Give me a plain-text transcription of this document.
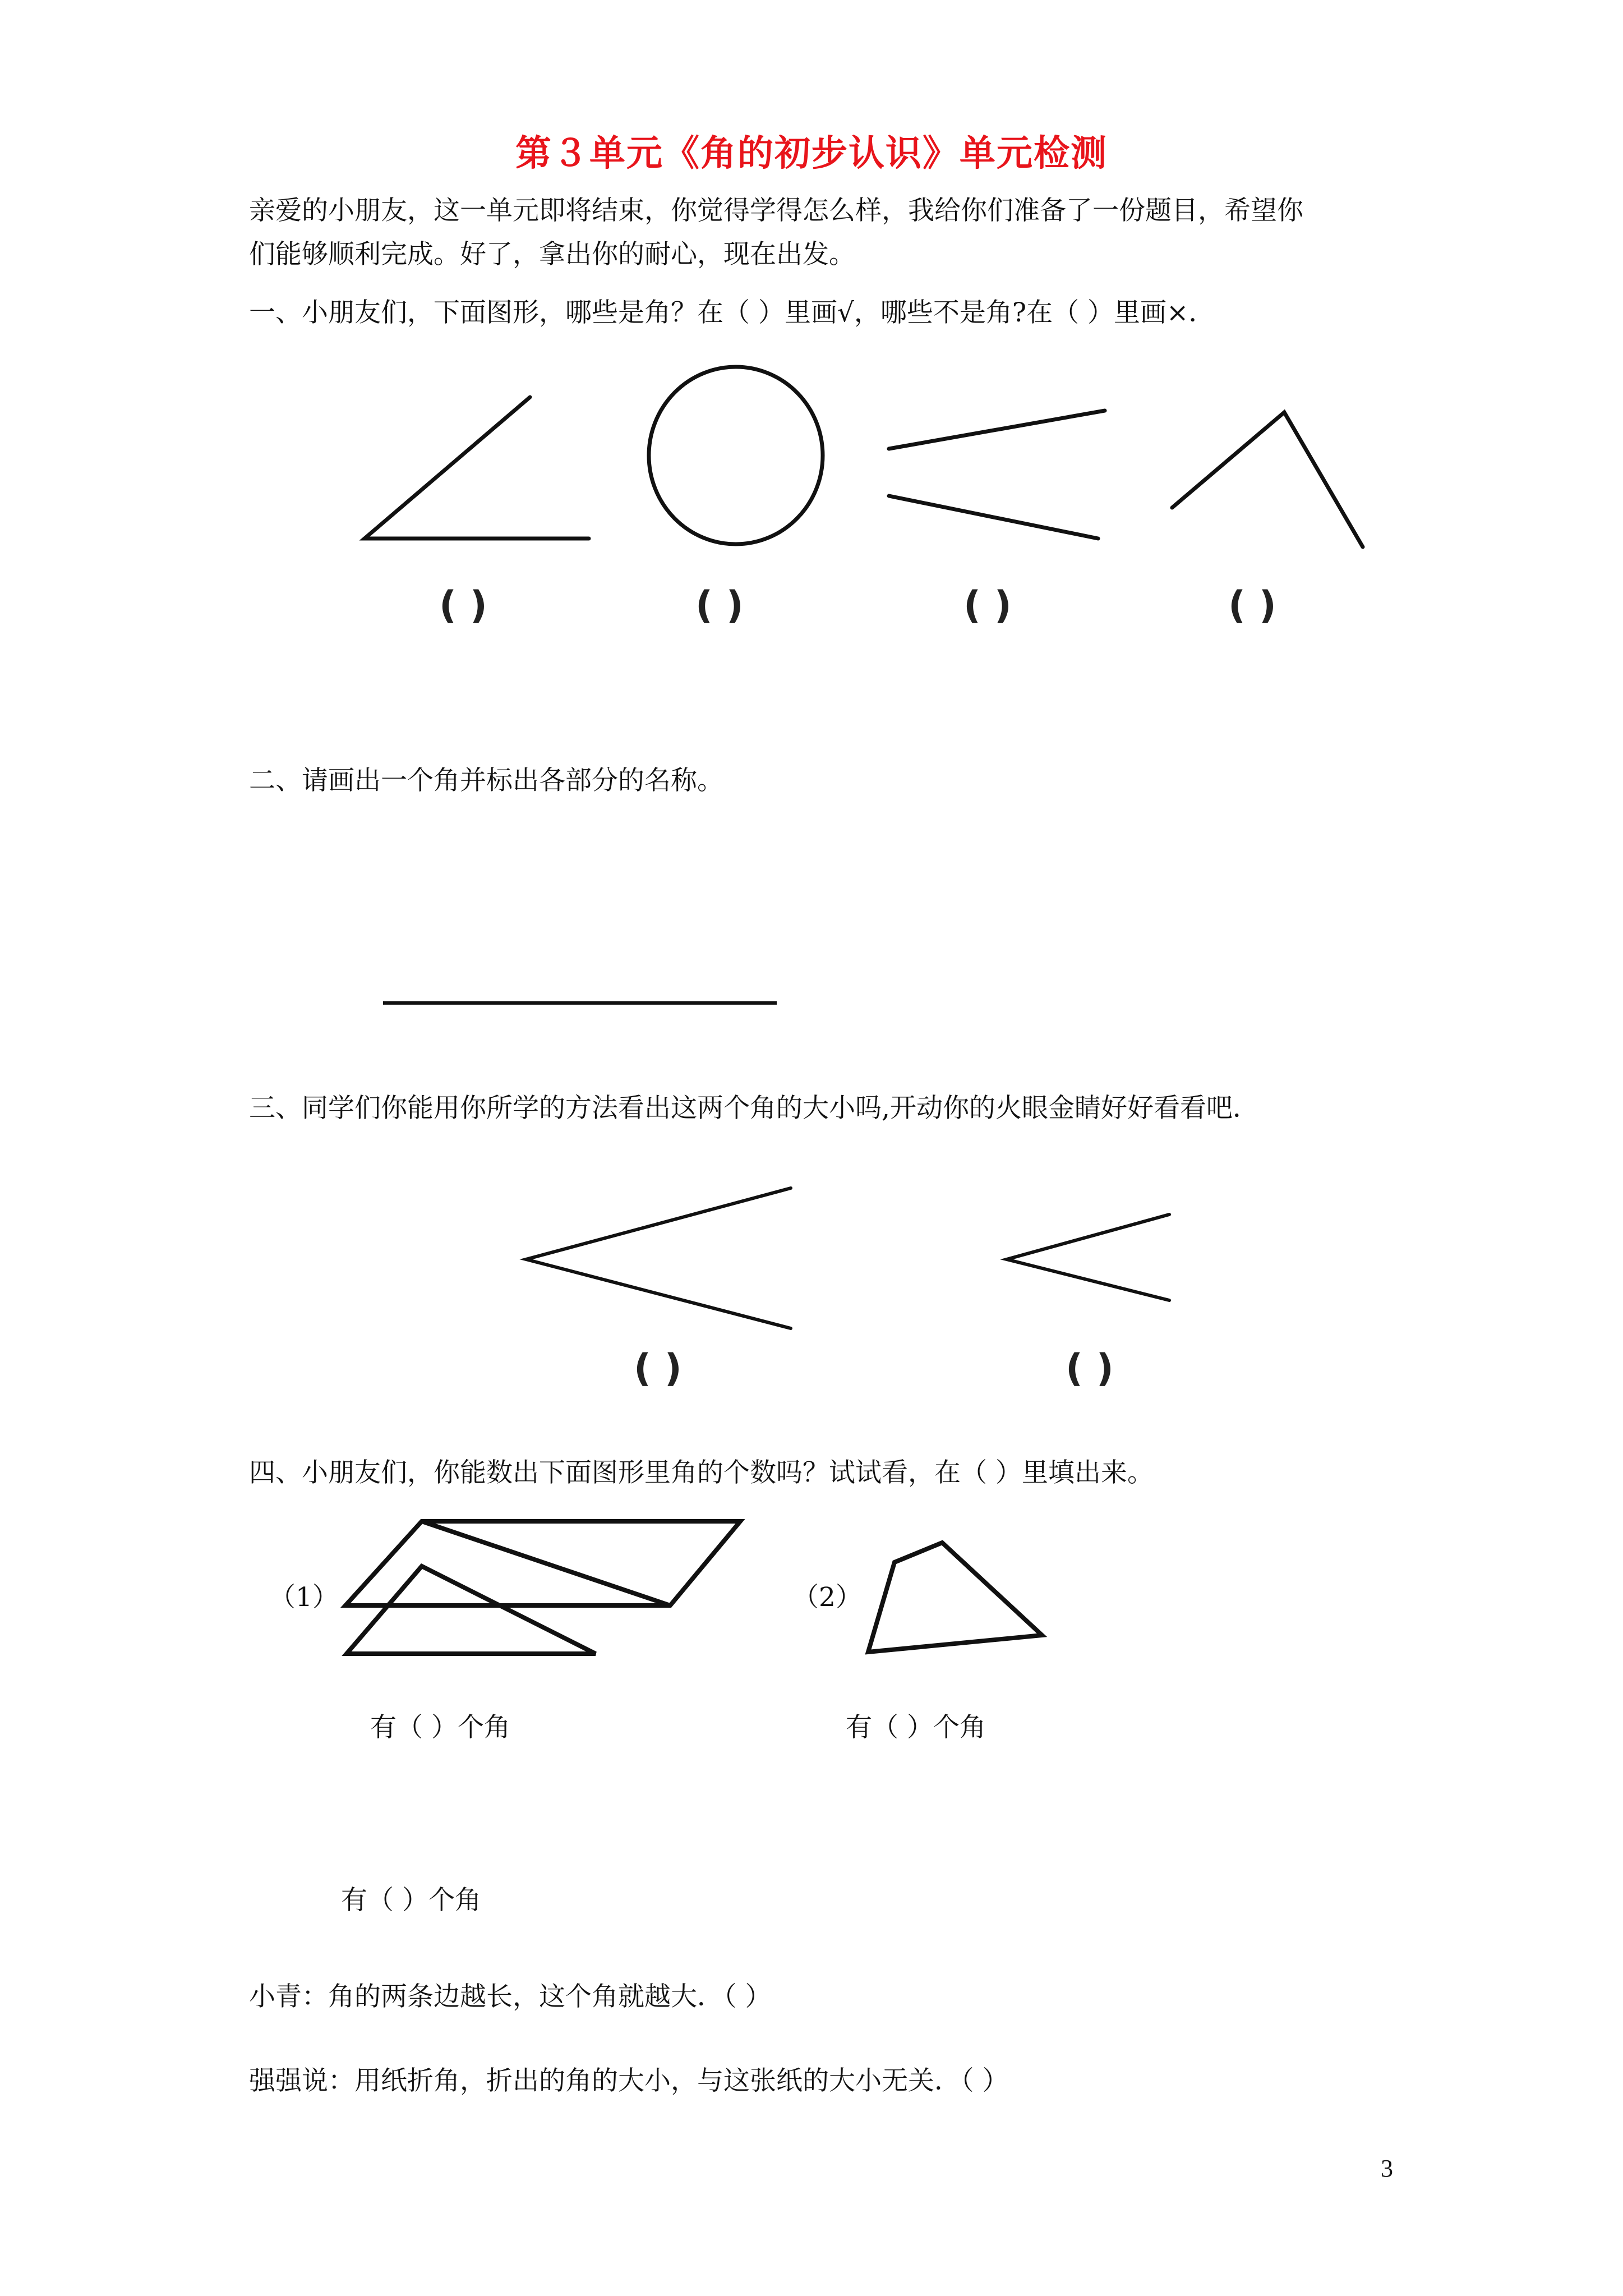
第３单元《角的初步认识》单元检测
亲爱的小朋友，这一单元即将结束，你觉得学得怎么样，我给你们准备了一份题目，希望你
们能够顺利完成。好了，拿出你的耐心，现在出发。
一、小朋友们，下面图形，哪些是角？在（ ）里画√，哪些不是角?在（ ）里画×．
( )	( )	( )	( )
二、请画出一个角并标出各部分的名称。
三、同学们你能用你所学的方法看出这两个角的大小吗,开动你的火眼金睛好好看看吧．
( )	( )
四、小朋友们，你能数出下面图形里角的个数吗？试试看，在（ ）里填出来。
（1）	（2）
有（ ）个角	有（ ）个角
有（ ）个角
小青：角的两条边越长，这个角就越大．（ ）
强强说：用纸折角，折出的角的大小，与这张纸的大小无关．（ ）
3
